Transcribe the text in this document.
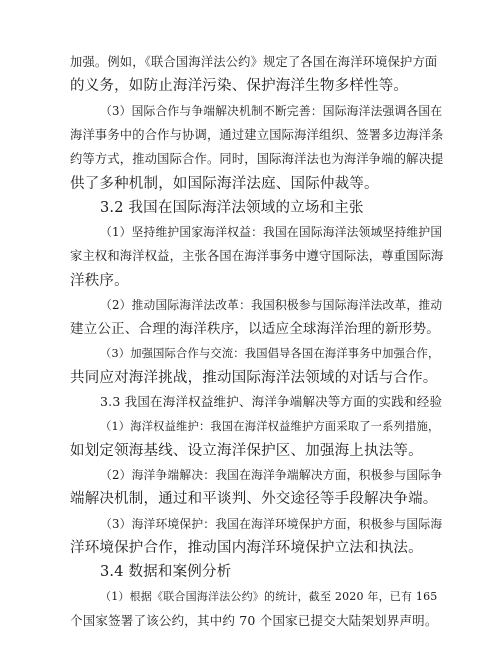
加强。例如，《联合国海洋法公约》规定了各国在海洋环境保护方面
的义务，如防止海洋污染、保护海洋生物多样性等。
（3）国际合作与争端解决机制不断完善：国际海洋法强调各国在
海洋事务中的合作与协调，通过建立国际海洋组织、签署多边海洋条
约等方式，推动国际合作。同时，国际海洋法也为海洋争端的解决提
供了多种机制，如国际海洋法庭、国际仲裁等。
3.2 我国在国际海洋法领域的立场和主张
（1）坚持维护国家海洋权益：我国在国际海洋法领域坚持维护国
家主权和海洋权益，主张各国在海洋事务中遵守国际法，尊重国际海
洋秩序。
（2）推动国际海洋法改革：我国积极参与国际海洋法改革，推动
建立公正、合理的海洋秩序，以适应全球海洋治理的新形势。
（3）加强国际合作与交流：我国倡导各国在海洋事务中加强合作，
共同应对海洋挑战，推动国际海洋法领域的对话与合作。
3.3 我国在海洋权益维护、海洋争端解决等方面的实践和经验
（1）海洋权益维护：我国在海洋权益维护方面采取了一系列措施，
如划定领海基线、设立海洋保护区、加强海上执法等。
（2）海洋争端解决：我国在海洋争端解决方面，积极参与国际争
端解决机制，通过和平谈判、外交途径等手段解决争端。
（3）海洋环境保护：我国在海洋环境保护方面，积极参与国际海
洋环境保护合作，推动国内海洋环境保护立法和执法。
3.4 数据和案例分析
（1）根据《联合国海洋法公约》的统计，截至 2020 年，已有 165
个国家签署了该公约，其中约 70 个国家已提交大陆架划界声明。
